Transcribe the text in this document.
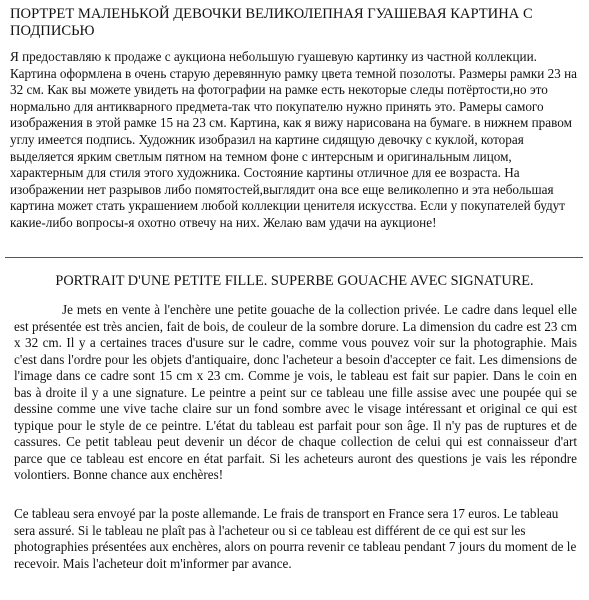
ПОРТРЕТ МАЛЕНЬКОЙ ДЕВОЧКИ ВЕЛИКОЛЕПНАЯ ГУАШЕВАЯ КАРТИНА С ПОДПИСЬЮ

Я предоставляю к продаже с аукциона небольшую гуашевую картинку из частной коллекции. Картина оформлена в очень старую деревянную рамку цвета темной позолоты. Размеры рамки 23 на 32 см. Как вы можете увидеть на фотографии на рамке есть некоторые следы потёртости,но это нормально для антикварного предмета-так что покупателю нужно принять это. Рамеры самого изображения в этой рамке 15 на 23 см. Картина, как я вижу нарисована на бумаге. в нижнем правом углу имеется подпись. Художник изобразил на картине сидящую девочку с куклой, которая выделяется ярким светлым пятном на темном фоне с интерсным и оригинальным лицом, характерным для стиля этого художника. Состояние картины отличное для ее возраста. На изображении нет разрывов либо помятостей,выглядит она все еще великолепно и эта небольшая картина может стать украшением любой коллекции ценителя искусства. Если у покупателей будут какие-либо вопросы-я охотно отвечу на них. Желаю вам удачи на аукционе!

PORTRAIT D'UNE PETITE FILLE. SUPERBE GOUACHE AVEC SIGNATURE.

Je mets en vente à l'enchère une petite gouache de la collection privée. Le cadre dans lequel elle est présentée est très ancien, fait de bois, de couleur de la sombre dorure. La dimension du cadre est 23 cm x 32 cm. Il y a certaines traces d'usure sur le cadre, comme vous pouvez voir sur la photographie. Mais c'est dans l'ordre pour les objets d'antiquaire, donc l'acheteur a besoin d'accepter ce fait. Les dimensions de l'image dans ce cadre sont 15 cm x 23 cm. Comme je vois, le tableau est fait sur papier. Dans le coin en bas à droite il y a une signature. Le peintre a peint sur ce tableau une fille assise avec une poupée qui se dessine comme une vive tache claire sur un fond sombre avec le visage intéressant et original ce qui est typique pour le style de ce peintre. L'état du tableau est parfait pour son âge. Il n'y pas de ruptures et de cassures. Ce petit tableau peut devenir un décor de chaque collection de celui qui est connaisseur d'art parce que ce tableau est encore en état parfait. Si les acheteurs auront des questions je vais les répondre volontiers. Bonne chance aux enchères!

Ce tableau sera envoyé par la poste allemande. Le frais de transport en France sera 17 euros. Le tableau sera assuré. Si le tableau ne plaît pas à l'acheteur ou si ce tableau est différent de ce qui est sur les photographies présentées aux enchères, alors on pourra revenir ce tableau pendant 7 jours du moment de le recevoir. Mais l'acheteur doit m'informer par avance.
